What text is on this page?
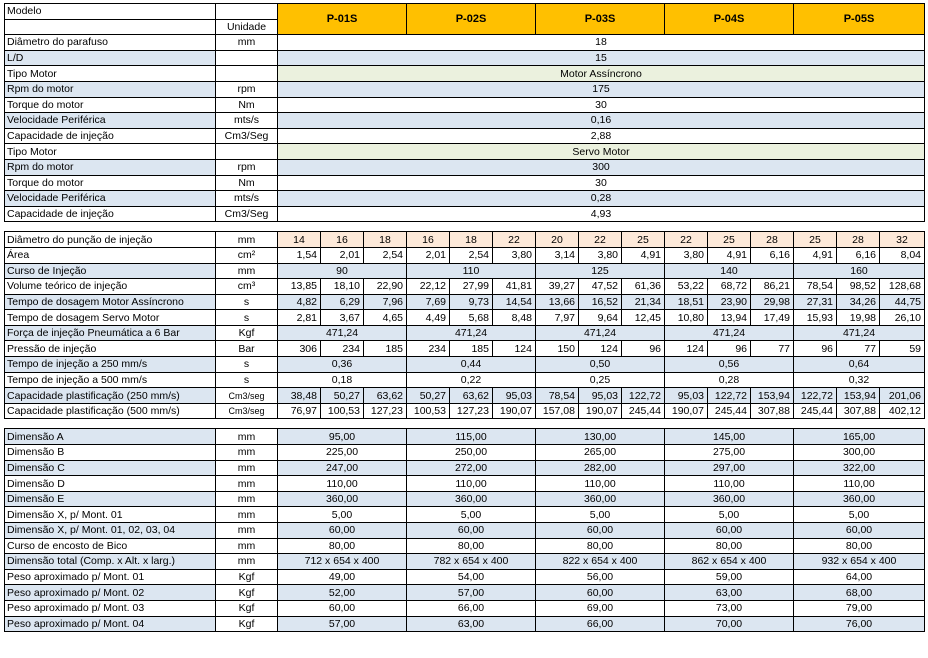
Modelo		P-01S			P-02S			P-03S			P-04S			P-05S		
	Unidade															
Diâmetro do parafuso	mm	18														
L/D		15														
Tipo Motor		Motor Assíncrono														
Rpm do motor	rpm	175														
Torque do motor	Nm	30														
Velocidade Periférica	mts/s	0,16														
Capacidade de injeção	Cm3/Seg	2,88														
Tipo Motor		Servo Motor														
Rpm do motor	rpm	300														
Torque do motor	Nm	30														
Velocidade Periférica	mts/s	0,28														
Capacidade de injeção	Cm3/Seg	4,93														

Diâmetro do punção de injeção	mm	14	16	18	16	18	22	20	22	25	22	25	28	25	28	32
Área	cm²	1,54	2,01	2,54	2,01	2,54	3,80	3,14	3,80	4,91	3,80	4,91	6,16	4,91	6,16	8,04
Curso de Injeção	mm	90			110			125			140			160		
Volume teórico de injeção	cm³	13,85	18,10	22,90	22,12	27,99	41,81	39,27	47,52	61,36	53,22	68,72	86,21	78,54	98,52	128,68
Tempo de dosagem Motor Assíncrono	s	4,82	6,29	7,96	7,69	9,73	14,54	13,66	16,52	21,34	18,51	23,90	29,98	27,31	34,26	44,75
Tempo de dosagem Servo Motor	s	2,81	3,67	4,65	4,49	5,68	8,48	7,97	9,64	12,45	10,80	13,94	17,49	15,93	19,98	26,10
Força de injeção Pneumática a 6 Bar	Kgf	471,24			471,24			471,24			471,24			471,24		
Pressão de injeção	Bar	306	234	185	234	185	124	150	124	96	124	96	77	96	77	59
Tempo de injeção a 250 mm/s	s	0,36			0,44			0,50			0,56			0,64		
Tempo de injeção a 500 mm/s	s	0,18			0,22			0,25			0,28			0,32		
Capacidade plastificação (250 mm/s)	Cm3/seg	38,48	50,27	63,62	50,27	63,62	95,03	78,54	95,03	122,72	95,03	122,72	153,94	122,72	153,94	201,06
Capacidade plastificação (500 mm/s)	Cm3/seg	76,97	100,53	127,23	100,53	127,23	190,07	157,08	190,07	245,44	190,07	245,44	307,88	245,44	307,88	402,12

Dimensão A	mm	95,00			115,00			130,00			145,00			165,00		
Dimensão B	mm	225,00			250,00			265,00			275,00			300,00		
Dimensão C	mm	247,00			272,00			282,00			297,00			322,00		
Dimensão D	mm	110,00			110,00			110,00			110,00			110,00		
Dimensão E	mm	360,00			360,00			360,00			360,00			360,00		
Dimensão X, p/ Mont. 01	mm	5,00			5,00			5,00			5,00			5,00		
Dimensão X, p/ Mont. 01, 02, 03, 04	mm	60,00			60,00			60,00			60,00			60,00		
Curso de encosto de Bico	mm	80,00			80,00			80,00			80,00			80,00		
Dimensão total (Comp. x Alt. x larg.)	mm	712 x 654 x 400			782 x 654 x 400			822 x 654 x 400			862 x 654 x 400			932 x 654 x 400		
Peso aproximado p/ Mont. 01	Kgf	49,00			54,00			56,00			59,00			64,00		
Peso aproximado p/ Mont. 02	Kgf	52,00			57,00			60,00			63,00			68,00		
Peso aproximado p/ Mont. 03	Kgf	60,00			66,00			69,00			73,00			79,00		
Peso aproximado p/ Mont. 04	Kgf	57,00			63,00			66,00			70,00			76,00		
